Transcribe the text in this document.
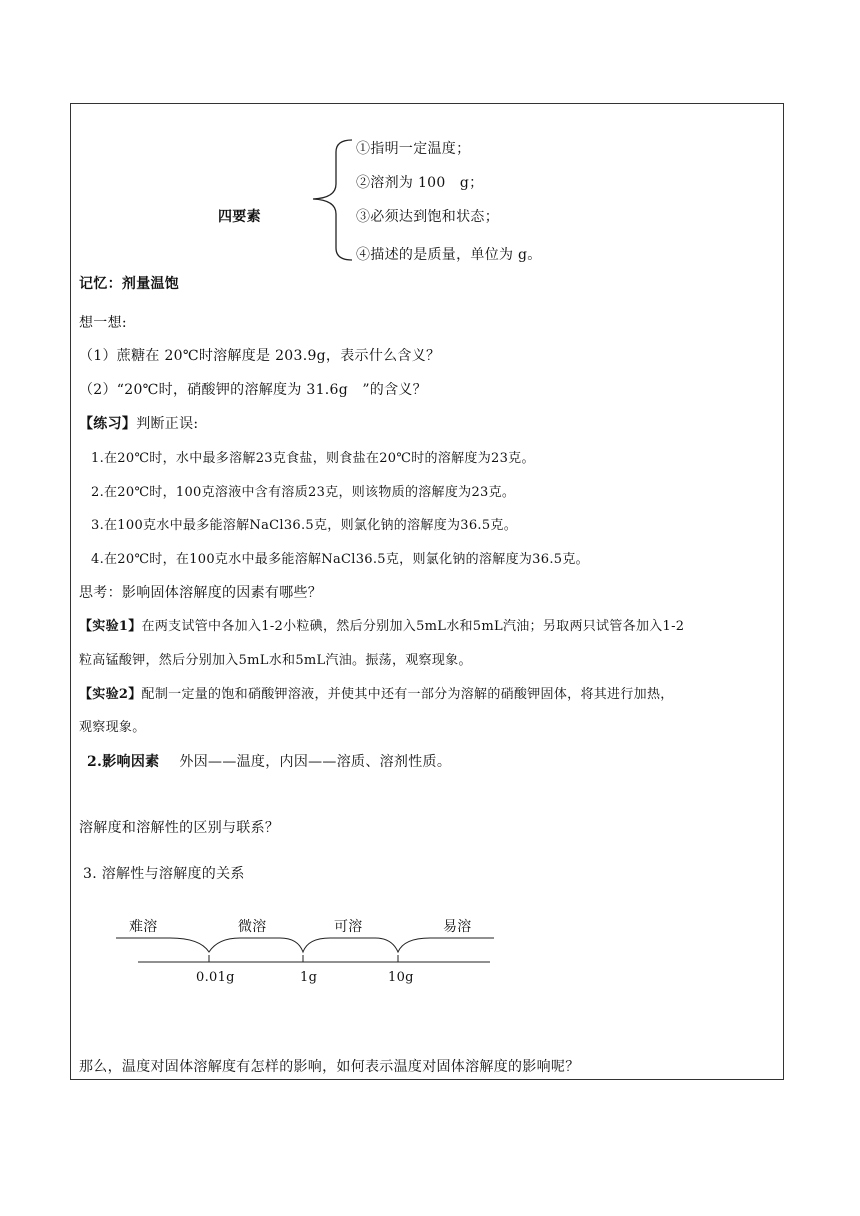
四要素
①指明一定温度；
②溶剂为 100　g；
③必须达到饱和状态；
④描述的是质量，单位为 g。
记忆：剂量温饱
想一想:
（1）蔗糖在 20℃时溶解度是 203.9g，表示什么含义？
（2）“20℃时，硝酸钾的溶解度为 31.6g　”的含义？
【练习】判断正误:
1.在20℃时，水中最多溶解23克食盐，则食盐在20℃时的溶解度为23克。
2.在20℃时，100克溶液中含有溶质23克，则该物质的溶解度为23克。
3.在100克水中最多能溶解NaCl36.5克，则氯化钠的溶解度为36.5克。
4.在20℃时，在100克水中最多能溶解NaCl36.5克，则氯化钠的溶解度为36.5克。
思考：影响固体溶解度的因素有哪些？
【实验1】在两支试管中各加入1-2小粒碘，然后分别加入5mL水和5mL汽油；另取两只试管各加入1-2
粒高锰酸钾，然后分别加入5mL水和5mL汽油。振荡，观察现象。
【实验2】配制一定量的饱和硝酸钾溶液，并使其中还有一部分为溶解的硝酸钾固体，将其进行加热，
观察现象。
2.影响因素 外因——温度，内因——溶质、溶剂性质。
溶解度和溶解性的区别与联系？
3. 溶解性与溶解度的关系
难溶	微溶	可溶	易溶
0.01g	1g	10g
那么，温度对固体溶解度有怎样的影响，如何表示温度对固体溶解度的影响呢？
